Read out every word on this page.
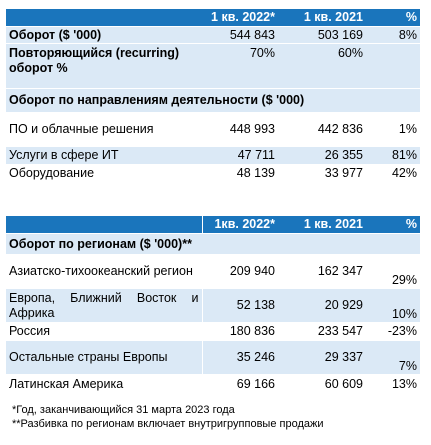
	1 кв. 2022*	1 кв. 2021	%
Оборот ($ '000)	544 843	503 169	8%
Повторяющийся (recurring) оборот %	70%	60%	
Оборот по направлениям деятельности ($ '000)			
ПО и облачные решения	448 993	442 836	1%
Услуги в сфере ИТ	47 711	26 355	81%
Оборудование	48 139	33 977	42%
	1кв. 2022*	1 кв. 2021	%
Оборот по регионам ($ '000)**			
Азиатско-тихоокеанский регион	209 940	162 347	29%
Европа, Ближний Восток и Африка	52 138	20 929	10%
Россия	180 836	233 547	-23%
Остальные страны Европы	35 246	29 337	7%
Латинская Америка	69 166	60 609	13%
*Год, заканчивающийся 31 марта 2023 года
**Разбивка по регионам включает внутригрупповые продажи
